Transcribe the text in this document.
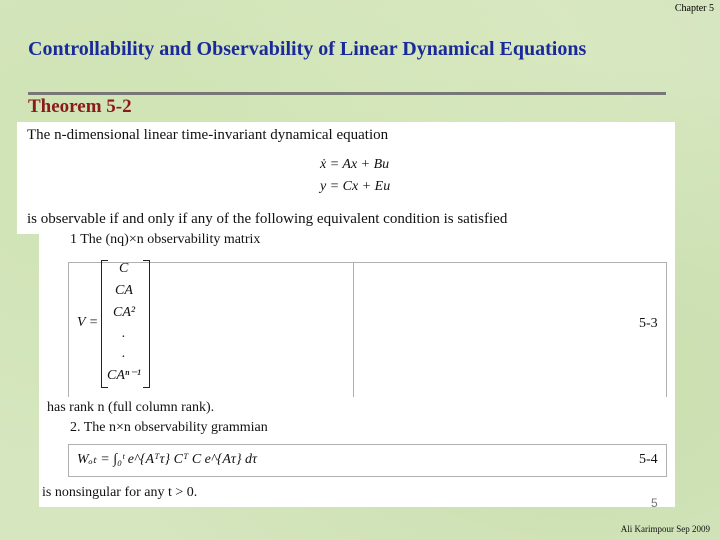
Chapter 5
Controllability and Observability of Linear Dynamical Equations
Theorem 5-2
The n-dimensional linear time-invariant dynamical equation
ẋ = Ax + Bu
y = Cx + Eu
is observable if and only if any of the following equivalent condition is satisfied
1 The (nq)×n observability matrix
V =
C
CA
CA²
.
.
CAⁿ⁻¹
5-3
has rank n (full column rank).
2. The n×n observability grammian
Wₒₜ = ∫₀ᵗ e^{Aᵀτ} Cᵀ C e^{Aτ} dτ	5-4
is nonsingular for any t > 0.
5
Ali Karimpour Sep 2009
